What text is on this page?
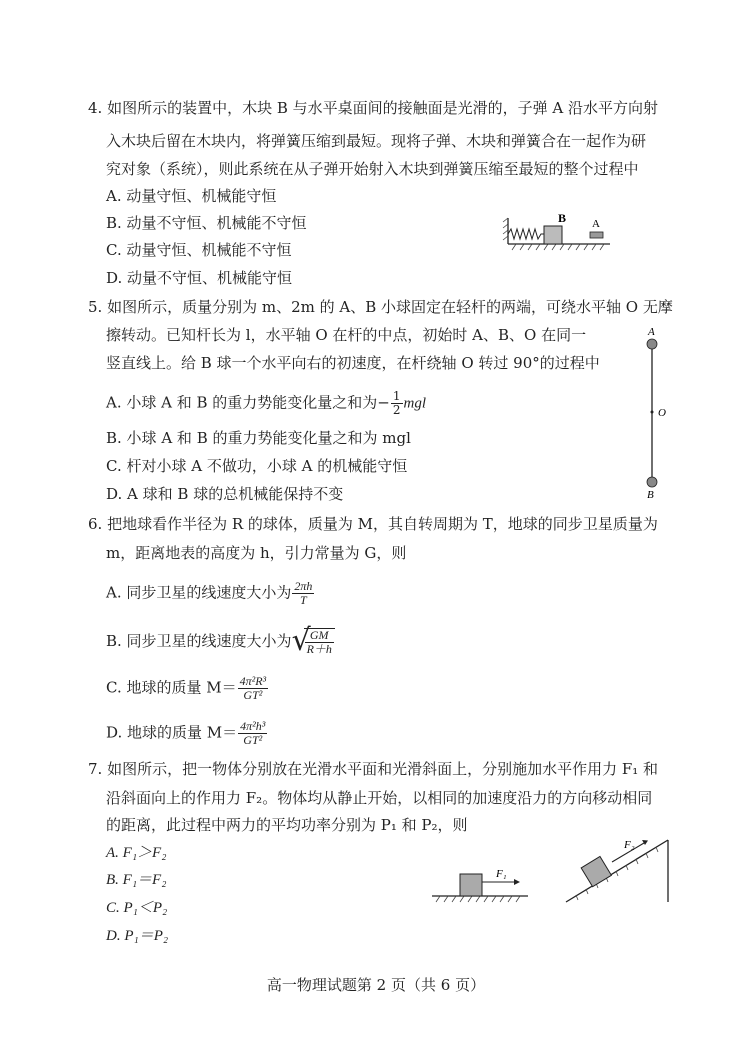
4. 如图所示的装置中，木块 B 与水平桌面间的接触面是光滑的，子弹 A 沿水平方向射
入木块后留在木块内，将弹簧压缩到最短。现将子弹、木块和弹簧合在一起作为研
究对象（系统），则此系统在从子弹开始射入木块到弹簧压缩至最短的整个过程中
A. 动量守恒、机械能守恒
B. 动量不守恒、机械能不守恒
C. 动量守恒、机械能不守恒
D. 动量不守恒、机械能守恒
B A
5. 如图所示，质量分别为 m、2m 的 A、B 小球固定在轻杆的两端，可绕水平轴 O 无摩
擦转动。已知杆长为 l，水平轴 O 在杆的中点，初始时 A、B、O 在同一
竖直线上。给 B 球一个水平向右的初速度，在杆绕轴 O 转过 90°的过程中
A. 小球 A 和 B 的重力势能变化量之和为− $\frac{1}{2}$ mgl
B. 小球 A 和 B 的重力势能变化量之和为 mgl
C. 杆对小球 A 不做功，小球 A 的机械能守恒
D. A 球和 B 球的总机械能保持不变
A
O
B
6. 把地球看作半径为 R 的球体，质量为 M，其自转周期为 T，地球的同步卫星质量为
m，距离地表的高度为 h，引力常量为 G，则
A. 同步卫星的线速度大小为 $\frac{2\pi h}{T}$
B. 同步卫星的线速度大小为 √
$\frac{GM}{R+h}$
C. 地球的质量 $M= \frac{\text{4π²R³}}{\text{GT²}}$
D. 地球的质量 $M= \frac{\text{4π²h³}}{\text{GT²}}$
7. 如图所示，把一物体分别放在光滑水平面和光滑斜面上，分别施加水平作用力 F₁ 和
沿斜面向上的作用力 F₂。物体均从静止开始，以相同的加速度沿力的方向移动相同
的距离，此过程中两力的平均功率分别为 P₁ 和 P₂，则
A. F₁＞F₂
B. F₁＝F₂
C. P₁＜P₂
D. P₁＝P₂
F₁
F₂
高一物理试题第 2 页（共 6 页）
